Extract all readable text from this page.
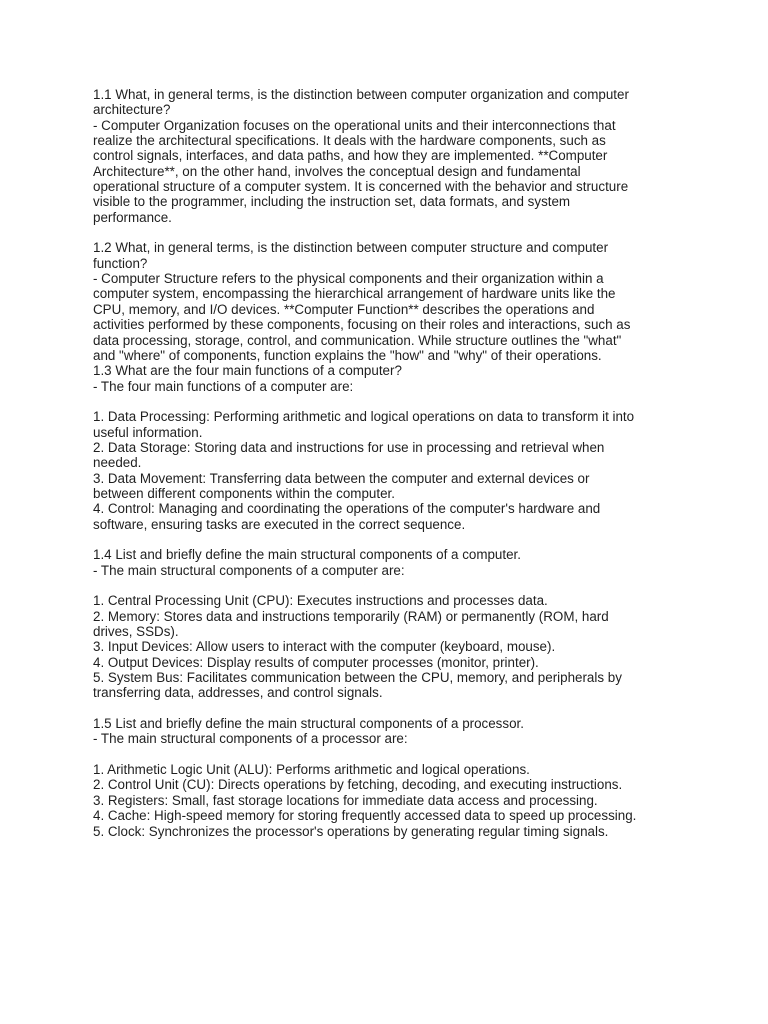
1.1 What, in general terms, is the distinction between computer organization and computer
architecture?
- Computer Organization focuses on the operational units and their interconnections that
realize the architectural specifications. It deals with the hardware components, such as
control signals, interfaces, and data paths, and how they are implemented. **Computer
Architecture**, on the other hand, involves the conceptual design and fundamental
operational structure of a computer system. It is concerned with the behavior and structure
visible to the programmer, including the instruction set, data formats, and system
performance.
1.2 What, in general terms, is the distinction between computer structure and computer
function?
- Computer Structure refers to the physical components and their organization within a
computer system, encompassing the hierarchical arrangement of hardware units like the
CPU, memory, and I/O devices. **Computer Function** describes the operations and
activities performed by these components, focusing on their roles and interactions, such as
data processing, storage, control, and communication. While structure outlines the "what"
and "where" of components, function explains the "how" and "why" of their operations.
1.3 What are the four main functions of a computer?
- The four main functions of a computer are:
1. Data Processing: Performing arithmetic and logical operations on data to transform it into
useful information.
2. Data Storage: Storing data and instructions for use in processing and retrieval when
needed.
3. Data Movement: Transferring data between the computer and external devices or
between different components within the computer.
4. Control: Managing and coordinating the operations of the computer's hardware and
software, ensuring tasks are executed in the correct sequence.
1.4 List and briefly define the main structural components of a computer.
- The main structural components of a computer are:
1. Central Processing Unit (CPU): Executes instructions and processes data.
2. Memory: Stores data and instructions temporarily (RAM) or permanently (ROM, hard
drives, SSDs).
3. Input Devices: Allow users to interact with the computer (keyboard, mouse).
4. Output Devices: Display results of computer processes (monitor, printer).
5. System Bus: Facilitates communication between the CPU, memory, and peripherals by
transferring data, addresses, and control signals.
1.5 List and briefly define the main structural components of a processor.
- The main structural components of a processor are:
1. Arithmetic Logic Unit (ALU): Performs arithmetic and logical operations.
2. Control Unit (CU): Directs operations by fetching, decoding, and executing instructions.
3. Registers: Small, fast storage locations for immediate data access and processing.
4. Cache: High-speed memory for storing frequently accessed data to speed up processing.
5. Clock: Synchronizes the processor's operations by generating regular timing signals.
